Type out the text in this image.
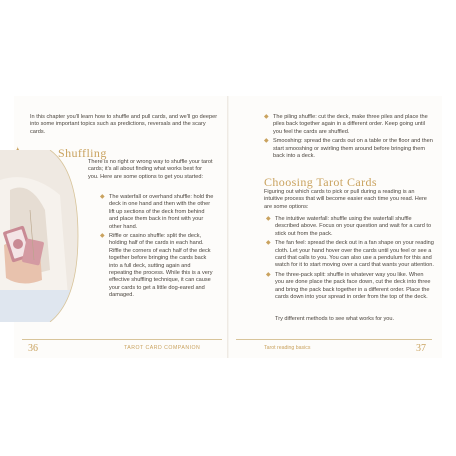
In this chapter you'll learn how to shuffle and pull cards, and we'll go deeper into some important topics such as predictions, reversals and the scary cards.

Shuffling

There is no right or wrong way to shuffle your tarot cards; it's all about finding what works best for you. Here are some options to get you started:

◆ The waterfall or overhand shuffle: hold the deck in one hand and then with the other lift up sections of the deck from behind and place them back in front with your other hand.
◆ Riffle or casino shuffle: split the deck, holding half of the cards in each hand. Riffle the corners of each half of the deck together before bringing the cards back into a full deck, sutting again and repeating the process. While this is a very effective shuffling technique, it can cause your cards to get a little dog-eared and damaged.
36	TAROT CARD COMPANION
◆ The piling shuffle: cut the deck, make three piles and place the piles back together again in a different order. Keep going until you feel the cards are shuffled.
◆ Smooshing: spread the cards out on a table or the floor and then start smooshing or swirling them around before bringing them back into a deck.
Choosing Tarot Cards

Figuring out which cards to pick or pull during a reading is an intuitive process that will become easier each time you read. Here are some options:

◆ The intuitive waterfall: shuffle using the waterfall shuffle described above. Focus on your question and wait for a card to stick out from the pack.
◆ The fan feel: spread the deck out in a fan shape on your reading cloth. Let your hand hover over the cards until you feel or see a card that calls to you. You can also use a pendulum for this and watch for it to start moving over a card that wants your attention.
◆ The three-pack split: shuffle in whatever way you like. When you are done place the pack face down, cut the deck into three and bring the pack back together in a different order. Place the cards down into your spread in order from the top of the deck.

Try different methods to see what works for you.

Tarot reading basics	37
